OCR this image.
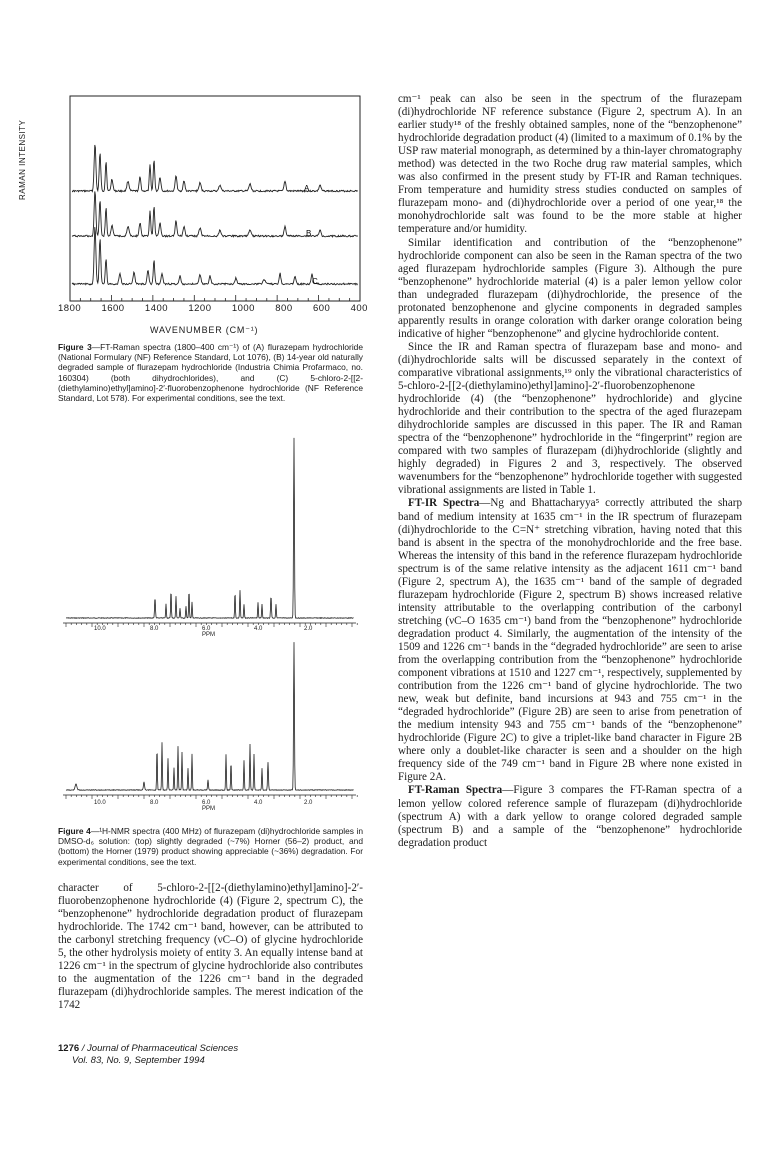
A
B
C
RAMAN INTENSITY
1800 1600 1400 1200 1000 800 600 400
WAVENUMBER (CM⁻¹)
Figure 3—FT-Raman spectra (1800–400 cm⁻¹) of (A) flurazepam hydrochloride (National Formulary (NF) Reference Standard, Lot 1076), (B) 14-year old naturally degraded sample of flurazepam hydrochloride (Industria Chimia Profarmaco, no. 160304) (both dihydrochlorides), and (C) 5-chloro-2-[[2-(diethylamino)ethyl]amino]-2′-fluorobenzophenone hydrochloride (NF Reference Standard, Lot 578). For experimental conditions, see the text.
10.0	8.0	6.0
PPM
4.0	2.0
10.0	8.0	6.0
PPM
4.0	2.0
Figure 4—¹H-NMR spectra (400 MHz) of flurazepam (di)hydrochloride samples in DMSO-d₆ solution: (top) slightly degraded (~7%) Horner (56–2) product, and (bottom) the Horner (1979) product showing appreciable (~36%) degradation. For experimental conditions, see the text.

character of 5-chloro-2-[[2-(diethylamino)ethyl]amino]-2′-fluorobenzophenone hydrochloride (4) (Figure 2, spectrum C), the “benzophenone” hydrochloride degradation product of flurazepam hydrochloride. The 1742 cm⁻¹ band, however, can be attributed to the carbonyl stretching frequency (νC–O) of glycine hydrochloride 5, the other hydrolysis moiety of entity 3. An equally intense band at 1226 cm⁻¹ in the spectrum of glycine hydrochloride also contributes to the augmentation of the 1226 cm⁻¹ band in the degraded flurazepam (di)hydrochloride samples. The merest indication of the 1742

cm⁻¹ peak can also be seen in the spectrum of the flurazepam (di)hydrochloride NF reference substance (Figure 2, spectrum A). In an earlier study¹⁸ of the freshly obtained samples, none of the “benzophenone” hydrochloride degradation product (4) (limited to a maximum of 0.1% by the USP raw material monograph, as determined by a thin-layer chromatography method) was detected in the two Roche drug raw material samples, which was also confirmed in the present study by FT-IR and Raman techniques. From temperature and humidity stress studies conducted on samples of flurazepam mono- and (di)hydrochloride over a period of one year,¹⁸ the monohydrochloride salt was found to be the more stable at higher temperature and/or humidity.

Similar identification and contribution of the “benzophenone” hydrochloride component can also be seen in the Raman spectra of the two aged flurazepam hydrochloride samples (Figure 3). Although the pure “benzophenone” hydrochloride material (4) is a paler lemon yellow color than undegraded flurazepam (di)hydrochloride, the presence of the protonated benzophenone and glycine components in degraded samples apparently results in orange coloration with darker orange coloration being indicative of higher “benzophenone” and glycine hydrochloride content.

Since the IR and Raman spectra of flurazepam base and mono- and (di)hydrochloride salts will be discussed separately in the context of comparative vibrational assignments,¹⁹ only the vibrational characteristics of 5-chloro-2-[[2-(diethylamino)ethyl]amino]-2′-fluorobenzophenone hydrochloride (4) (the “benzophenone” hydrochloride) and glycine hydrochloride and their contribution to the spectra of the aged flurazepam dihydrochloride samples are discussed in this paper. The IR and Raman spectra of the “benzophenone” hydrochloride in the “fingerprint” region are compared with two samples of flurazepam (di)hydrochloride (slightly and highly degraded) in Figures 2 and 3, respectively. The observed wavenumbers for the “benzophenone” hydrochloride together with suggested vibrational assignments are listed in Table 1.

FT-IR Spectra—Ng and Bhattacharyya⁵ correctly attributed the sharp band of medium intensity at 1635 cm⁻¹ in the IR spectrum of flurazepam (di)hydrochloride to the C=N⁺ stretching vibration, having noted that this band is absent in the spectra of the monohydrochloride and the free base. Whereas the intensity of this band in the reference flurazepam hydrochloride spectrum is of the same relative intensity as the adjacent 1611 cm⁻¹ band (Figure 2, spectrum A), the 1635 cm⁻¹ band of the sample of degraded flurazepam hydrochloride (Figure 2, spectrum B) shows increased relative intensity attributable to the overlapping contribution of the carbonyl stretching (νC–O 1635 cm⁻¹) band from the “benzophenone” hydrochloride degradation product 4. Similarly, the augmentation of the intensity of the 1509 and 1226 cm⁻¹ bands in the “degraded hydrochloride” are seen to arise from the overlapping contribution from the “benzophenone” hydrochloride component vibrations at 1510 and 1227 cm⁻¹, respectively, supplemented by contribution from the 1226 cm⁻¹ band of glycine hydrochloride. The two new, weak but definite, band incursions at 943 and 755 cm⁻¹ in the “degraded hydrochloride” (Figure 2B) are seen to arise from penetration of the medium intensity 943 and 755 cm⁻¹ bands of the “benzophenone” hydrochloride (Figure 2C) to give a triplet-like band character in Figure 2B where only a doublet-like character is seen and a shoulder on the high frequency side of the 749 cm⁻¹ band in Figure 2B where none existed in Figure 2A.

FT-Raman Spectra—Figure 3 compares the FT-Raman spectra of a lemon yellow colored reference sample of flurazepam (di)hydrochloride (spectrum A) with a dark yellow to orange colored degraded sample (spectrum B) and a sample of the “benzophenone” hydrochloride degradation product

1276 / Journal of Pharmaceutical Sciences
Vol. 83, No. 9, September 1994
